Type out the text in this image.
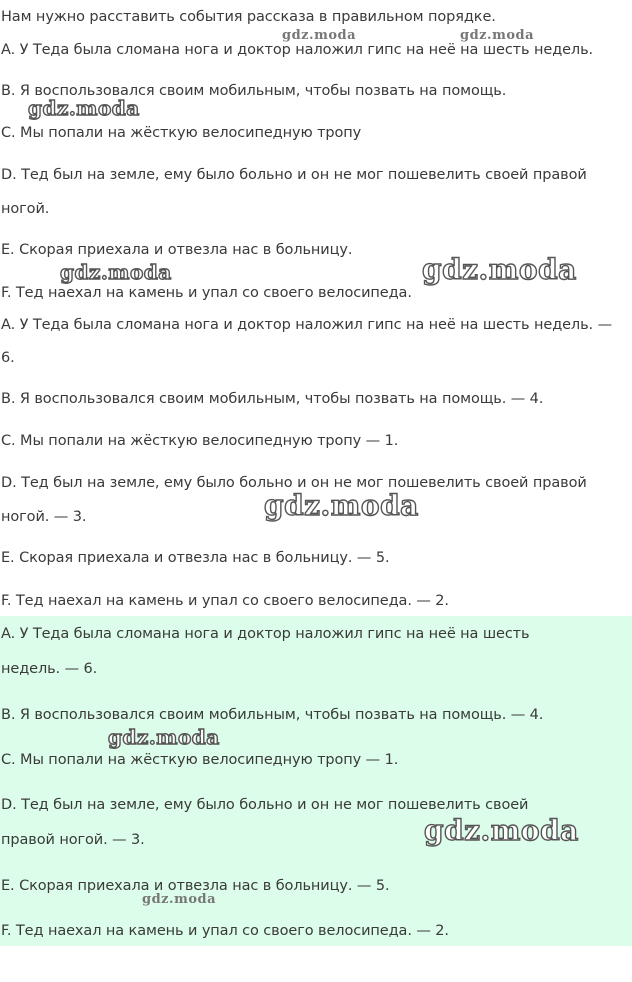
Нам нужно расставить события рассказа в правильном порядке.
A. У Теда была сломана нога и доктор наложил гипс на неё на шесть недель.
B. Я воспользовался своим мобильным, чтобы позвать на помощь.
C. Мы попали на жёсткую велосипедную тропу
D. Тед был на земле, ему было больно и он не мог пошевелить своей правой
ногой.
E. Скорая приехала и отвезла нас в больницу.
F. Тед наехал на камень и упал со своего велосипеда.
A. У Теда была сломана нога и доктор наложил гипс на неё на шесть недель. —
6.
B. Я воспользовался своим мобильным, чтобы позвать на помощь. — 4.
C. Мы попали на жёсткую велосипедную тропу — 1.
D. Тед был на земле, ему было больно и он не мог пошевелить своей правой
ногой. — 3.
E. Скорая приехала и отвезла нас в больницу. — 5.
F. Тед наехал на камень и упал со своего велосипеда. — 2.
A. У Теда была сломана нога и доктор наложил гипс на неё на шесть
недель. — 6.
B. Я воспользовался своим мобильным, чтобы позвать на помощь. — 4.
C. Мы попали на жёсткую велосипедную тропу — 1.
D. Тед был на земле, ему было больно и он не мог пошевелить своей
правой ногой. — 3.
E. Скорая приехала и отвезла нас в больницу. — 5.
F. Тед наехал на камень и упал со своего велосипеда. — 2.
gdz.moda	gdz.moda
gdz.moda
gdz.moda	gdz.moda
gdz.moda
gdz.moda
gdz.moda
gdz.moda
